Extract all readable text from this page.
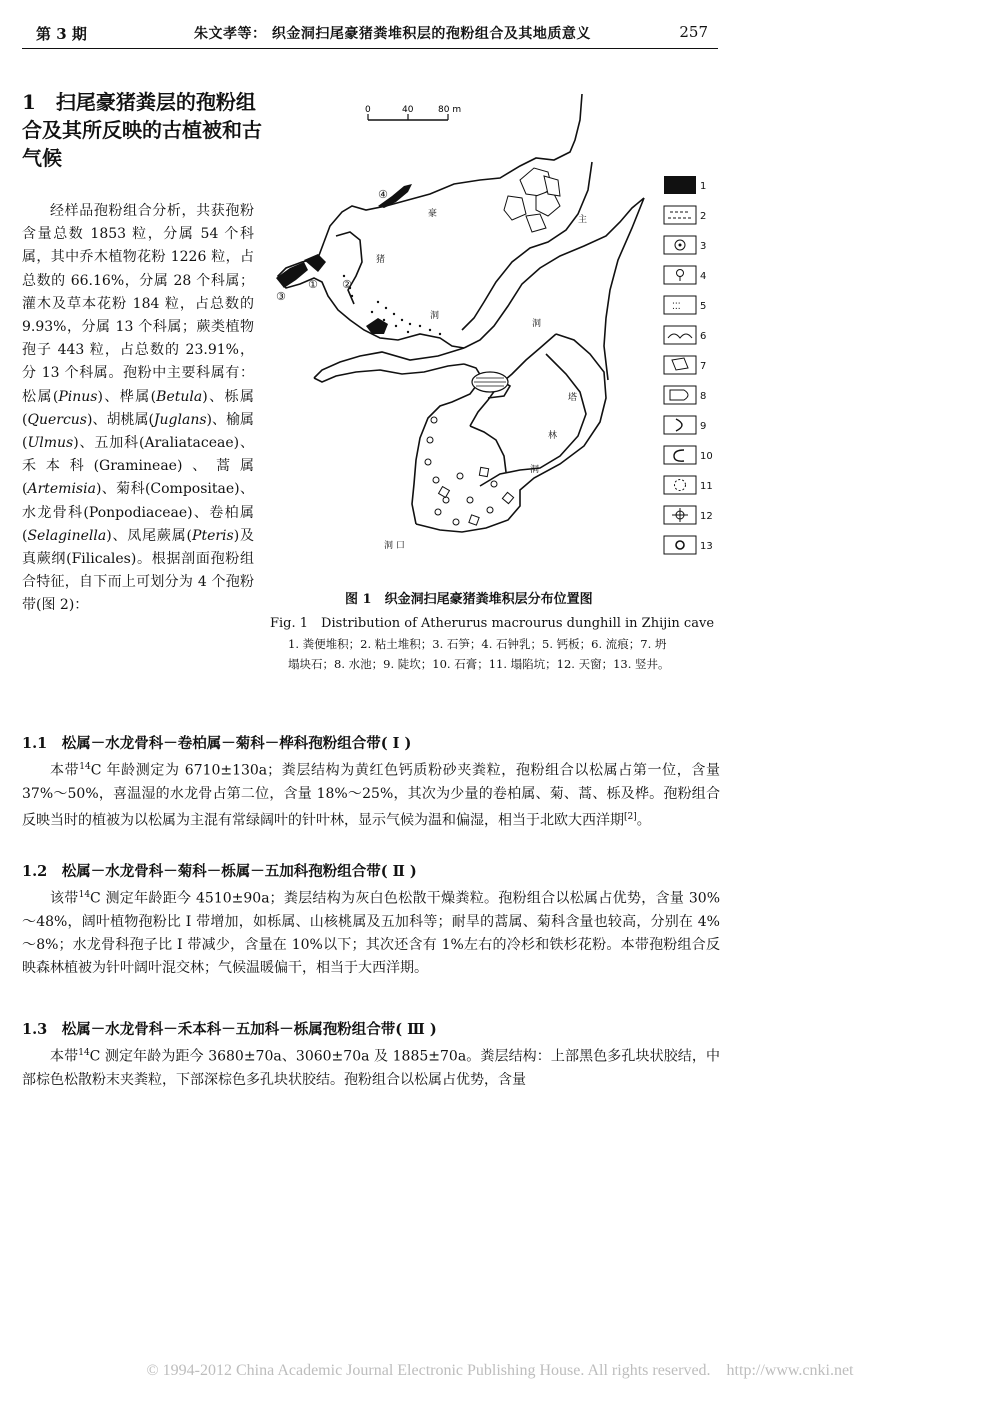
第 3 期	朱文孝等： 织金洞扫尾豪猪粪堆积层的孢粉组合及其地质意义	257
1　扫尾豪猪粪层的孢粉组合及其所反映的古植被和古气候
经样品孢粉组合分析，共获孢粉含量总数 1853 粒，分属 54 个科属，其中乔木植物花粉 1226 粒，占总数的 66.16%，分属 28 个科属；灌木及草本花粉 184 粒，占总数的 9.93%，分属 13 个科属；蕨类植物孢子 443 粒，占总数的 23.91%，分 13 个科属。孢粉中主要科属有：松属(Pinus)、桦属(Betula)、栎属(Quercus)、胡桃属(Juglans)、榆属(Ulmus)、五加科(Araliataceae)、禾本科(Gramineae)、蒿属(Artemisia)、菊科(Compositae)、水龙骨科(Ponpodiaceae)、卷柏属(Selaginella)、凤尾蕨属(Pteris)及真蕨纲(Filicales)。根据剖面孢粉组合特征，自下而上可划分为 4 个孢粉带(图 2)：
0	40	80 m
豪
猪
洞
主
洞
塔
林
洞
洞 口
① ②
③
④
1
2
3
4
⁚⁚⁚ 5
6
7
8
9
10
11
12
13
图 1　织金洞扫尾豪猪粪堆积层分布位置图
Fig. 1　Distribution of Atherurus macrourus dunghill in Zhijin cave
1. 粪便堆积；2. 粘土堆积；3. 石笋；4. 石钟乳；5. 钙板；6. 流痕；7. 坍
塌块石；8. 水池；9. 陡坎；10. 石膏；11. 塌陷坑；12. 天窗；13. 竖井。
1.1　松属－水龙骨科－卷柏属－菊科－桦科孢粉组合带( Ⅰ )
本带$^{14}$C 年龄测定为 6710±130a；粪层结构为黄红色钙质粉砂夹粪粒，孢粉组合以松属占第一位，含量 37%～50%，喜温湿的水龙骨占第二位，含量 18%～25%，其次为少量的卷柏属、菊、蒿、栎及桦。孢粉组合反映当时的植被为以松属为主混有常绿阔叶的针叶林，显示气候为温和偏湿，相当于北欧大西洋期[2]。
1.2　松属－水龙骨科－菊科－栎属－五加科孢粉组合带( Ⅱ )
该带$^{14}$C 测定年龄距今 4510±90a；粪层结构为灰白色松散干燥粪粒。孢粉组合以松属占优势，含量 30%～48%，阔叶植物孢粉比 Ⅰ 带增加，如栎属、山核桃属及五加科等；耐旱的蒿属、菊科含量也较高，分别在 4%～8%；水龙骨科孢子比 Ⅰ 带减少，含量在 10%以下；其次还含有 1%左右的冷杉和铁杉花粉。本带孢粉组合反映森林植被为针叶阔叶混交林；气候温暖偏干，相当于大西洋期。
1.3　松属－水龙骨科－禾本科－五加科－栎属孢粉组合带( Ⅲ )
本带$^{14}$C 测定年龄为距今 3680±70a、3060±70a 及 1885±70a。粪层结构：上部黑色多孔块状胶结，中部棕色松散粉末夹粪粒，下部深棕色多孔块状胶结。孢粉组合以松属占优势，含量
© 1994-2012 China Academic Journal Electronic Publishing House. All rights reserved.　http://www.cnki.net
